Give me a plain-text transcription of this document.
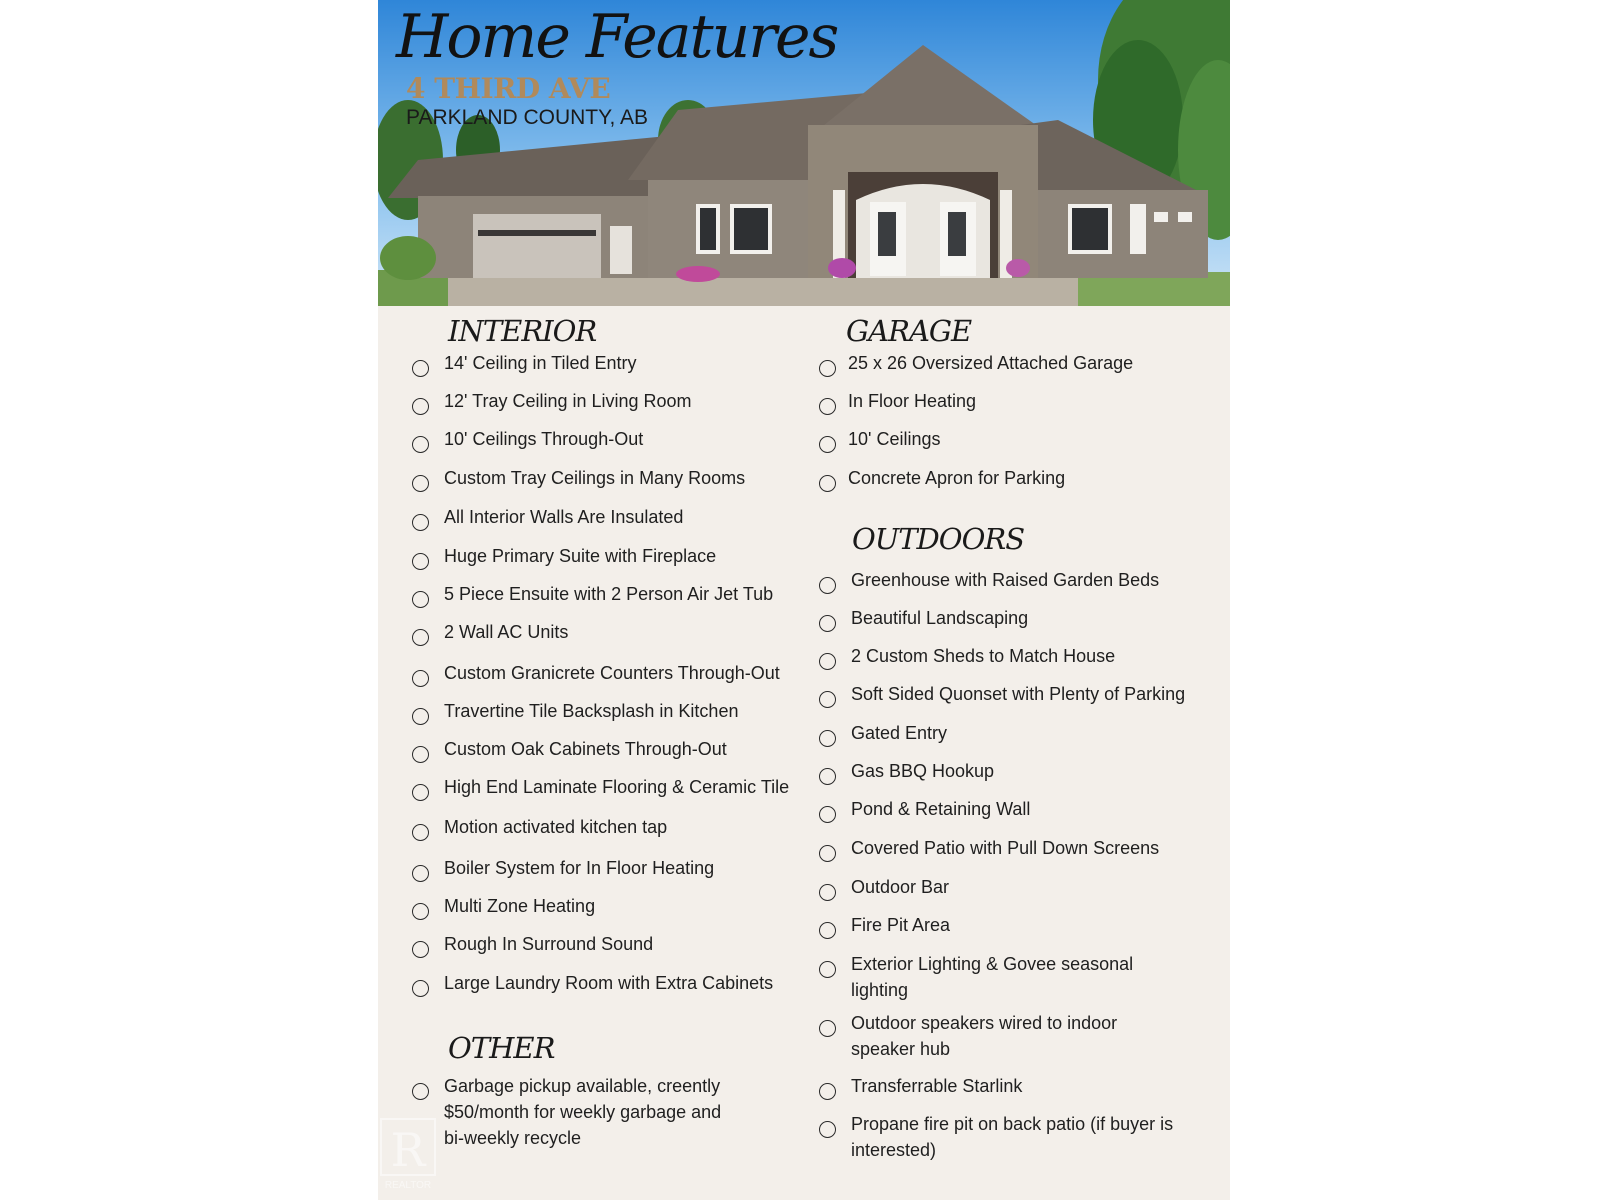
Home Features
4 THIRD AVE
PARKLAND COUNTY, AB
INTERIOR
14' Ceiling in Tiled Entry
12' Tray Ceiling in Living Room
10' Ceilings Through-Out
Custom Tray Ceilings in Many Rooms
All Interior Walls Are Insulated
Huge Primary Suite with Fireplace
5 Piece Ensuite with 2 Person Air Jet Tub
2 Wall AC Units
Custom Granicrete Counters Through-Out
Travertine Tile Backsplash in Kitchen
Custom Oak Cabinets Through-Out
High End Laminate Flooring & Ceramic Tile
Motion activated kitchen tap
Boiler System for In Floor Heating
Multi Zone Heating
Rough In Surround Sound
Large Laundry Room with Extra Cabinets
OTHER
Garbage pickup available, creently
$50/month for weekly garbage and
bi-weekly recycle
GARAGE
25 x 26 Oversized Attached Garage
In Floor Heating
10' Ceilings
Concrete Apron for Parking
OUTDOORS
Greenhouse with Raised Garden Beds
Beautiful Landscaping
2 Custom Sheds to Match House
Soft Sided Quonset with Plenty of Parking
Gated Entry
Gas BBQ Hookup
Pond & Retaining Wall
Covered Patio with Pull Down Screens
Outdoor Bar
Fire Pit Area
Exterior Lighting & Govee seasonal
lighting
Outdoor speakers wired to indoor
speaker hub
Transferrable Starlink
Propane fire pit on back patio (if buyer is
interested)
R
REALTOR
